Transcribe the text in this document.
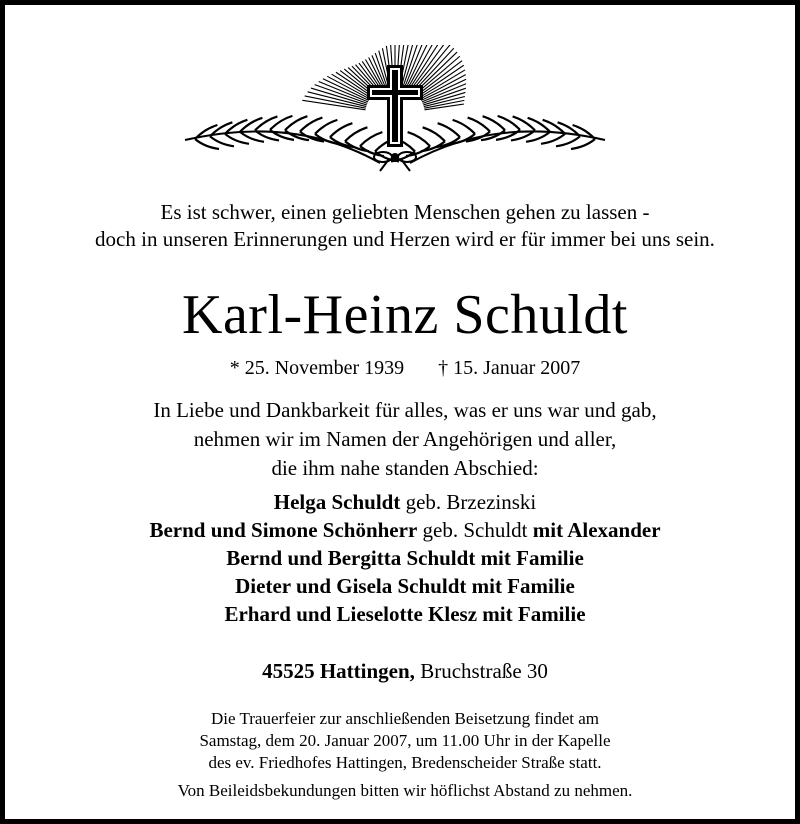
Es ist schwer, einen geliebten Menschen gehen zu lassen -
doch in unseren Erinnerungen und Herzen wird er für immer bei uns sein.
Karl-Heinz Schuldt
* 25. November 1939 † 15. Januar 2007
In Liebe und Dankbarkeit für alles, was er uns war und gab,
nehmen wir im Namen der Angehörigen und aller,
die ihm nahe standen Abschied:
Helga Schuldt geb. Brzezinski
Bernd und Simone Schönherr geb. Schuldt mit Alexander
Bernd und Bergitta Schuldt mit Familie
Dieter und Gisela Schuldt mit Familie
Erhard und Lieselotte Klesz mit Familie
45525 Hattingen, Bruchstraße 30
Die Trauerfeier zur anschließenden Beisetzung findet am
Samstag, dem 20. Januar 2007, um 11.00 Uhr in der Kapelle
des ev. Friedhofes Hattingen, Bredenscheider Straße statt.
Von Beileidsbekundungen bitten wir höflichst Abstand zu nehmen.
